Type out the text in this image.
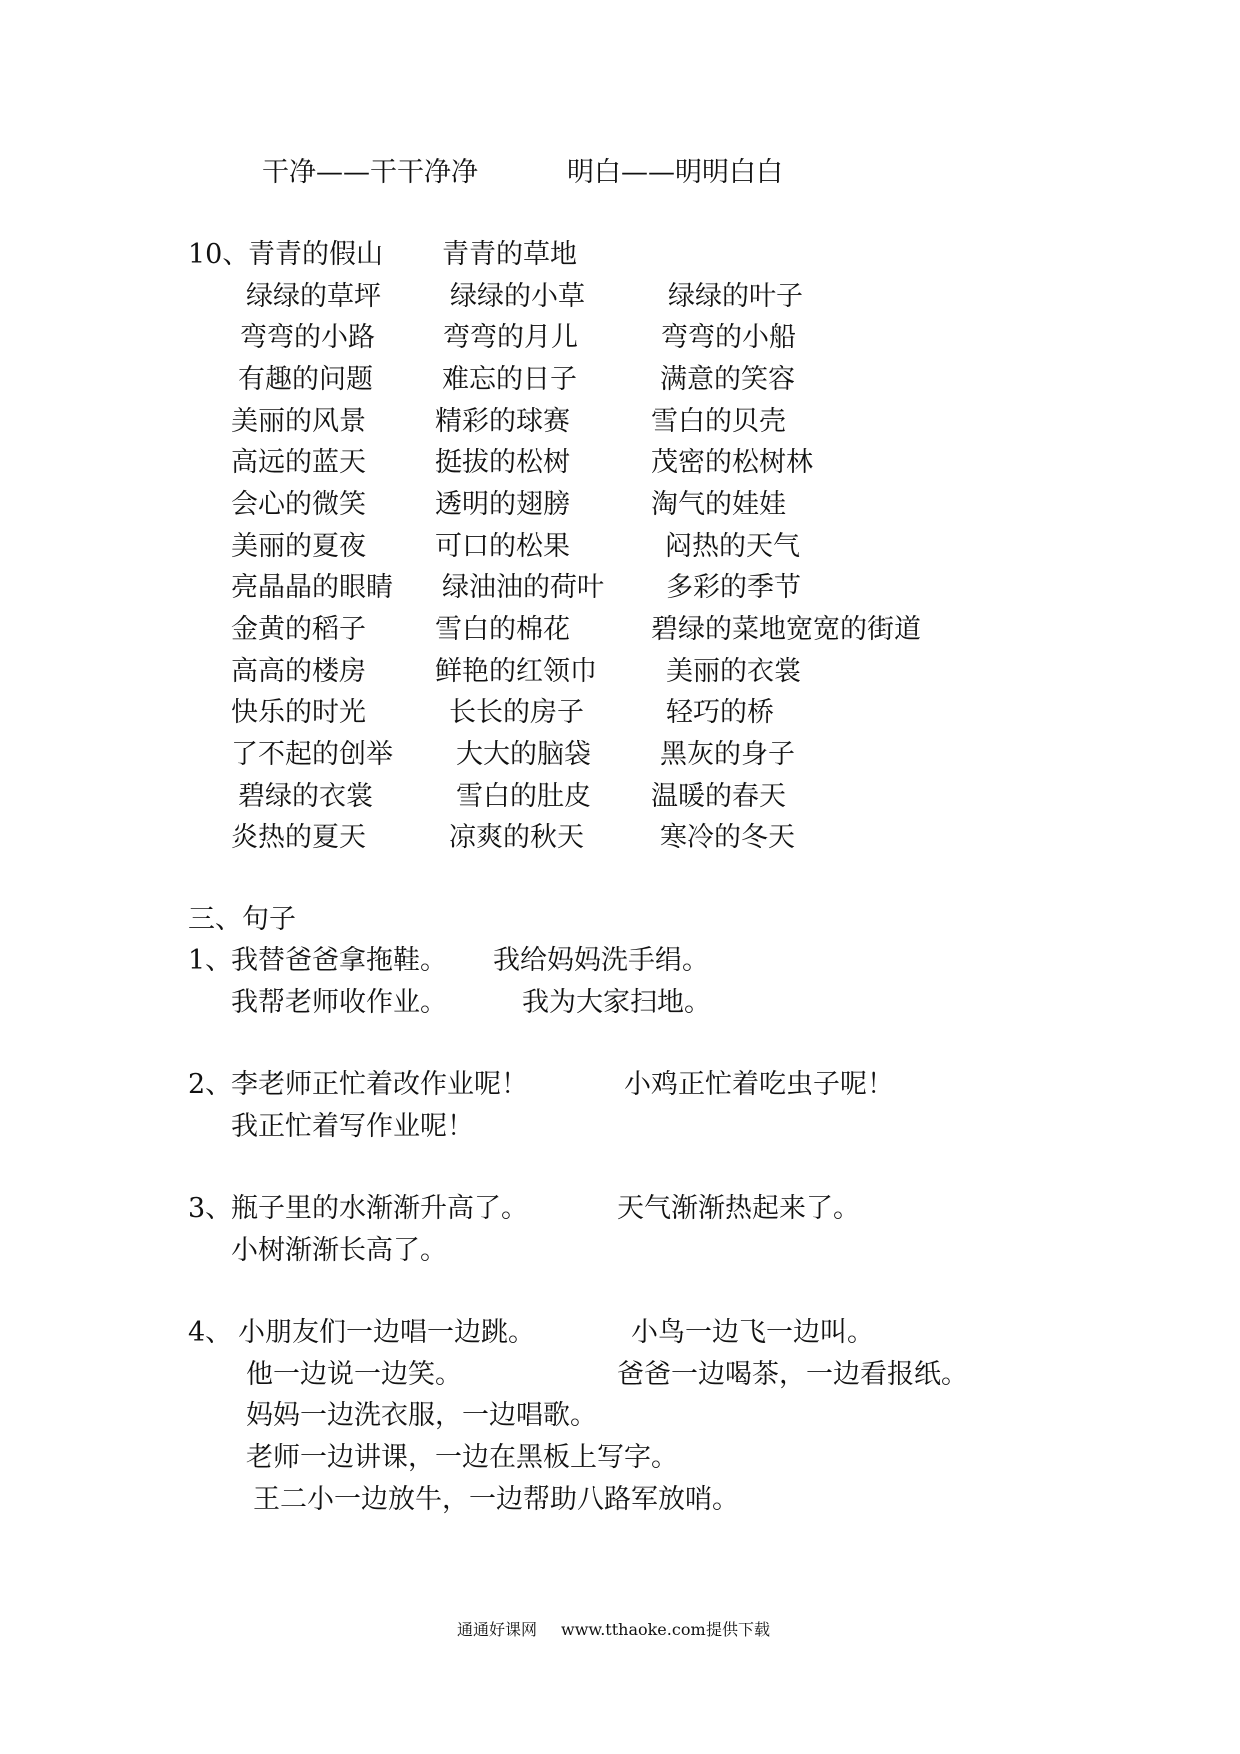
干净——干干净净	明白——明明白白
10、
青青的假山 青青的草地
绿绿的草坪	绿绿的小草	绿绿的叶子
弯弯的小路	弯弯的月儿	弯弯的小船
有趣的问题	难忘的日子	满意的笑容
美丽的风景	精彩的球赛	雪白的贝壳
高远的蓝天	挺拔的松树	茂密的松树林
会心的微笑	透明的翅膀	淘气的娃娃
美丽的夏夜	可口的松果	闷热的天气
亮晶晶的眼睛 绿油油的荷叶 多彩的季节
金黄的稻子	雪白的棉花	碧绿的菜地宽宽的街道
高高的楼房	鲜艳的红领巾	美丽的衣裳
快乐的时光	长长的房子	轻巧的桥
了不起的创举 大大的脑袋	黑灰的身子
碧绿的衣裳	雪白的肚皮 温暖的春天
炎热的夏天	凉爽的秋天	寒冷的冬天
三、句子
1、
我替爸爸拿拖鞋。 我给妈妈洗手绢。
我帮老师收作业。	我为大家扫地。
2、
李老师正忙着改作业呢！	小鸡正忙着吃虫子呢！
我正忙着写作业呢！
3、
瓶子里的水渐渐升高了。	天气渐渐热起来了。
小树渐渐长高了。
4、 小朋友们一边唱一边跳。	小鸟一边飞一边叫。
他一边说一边笑。	爸爸一边喝茶，一边看报纸。
妈妈一边洗衣服，一边唱歌。
老师一边讲课，一边在黑板上写字。
王二小一边放牛，一边帮助八路军放哨。
通通好课网 www.tthaoke.com 提供下载
